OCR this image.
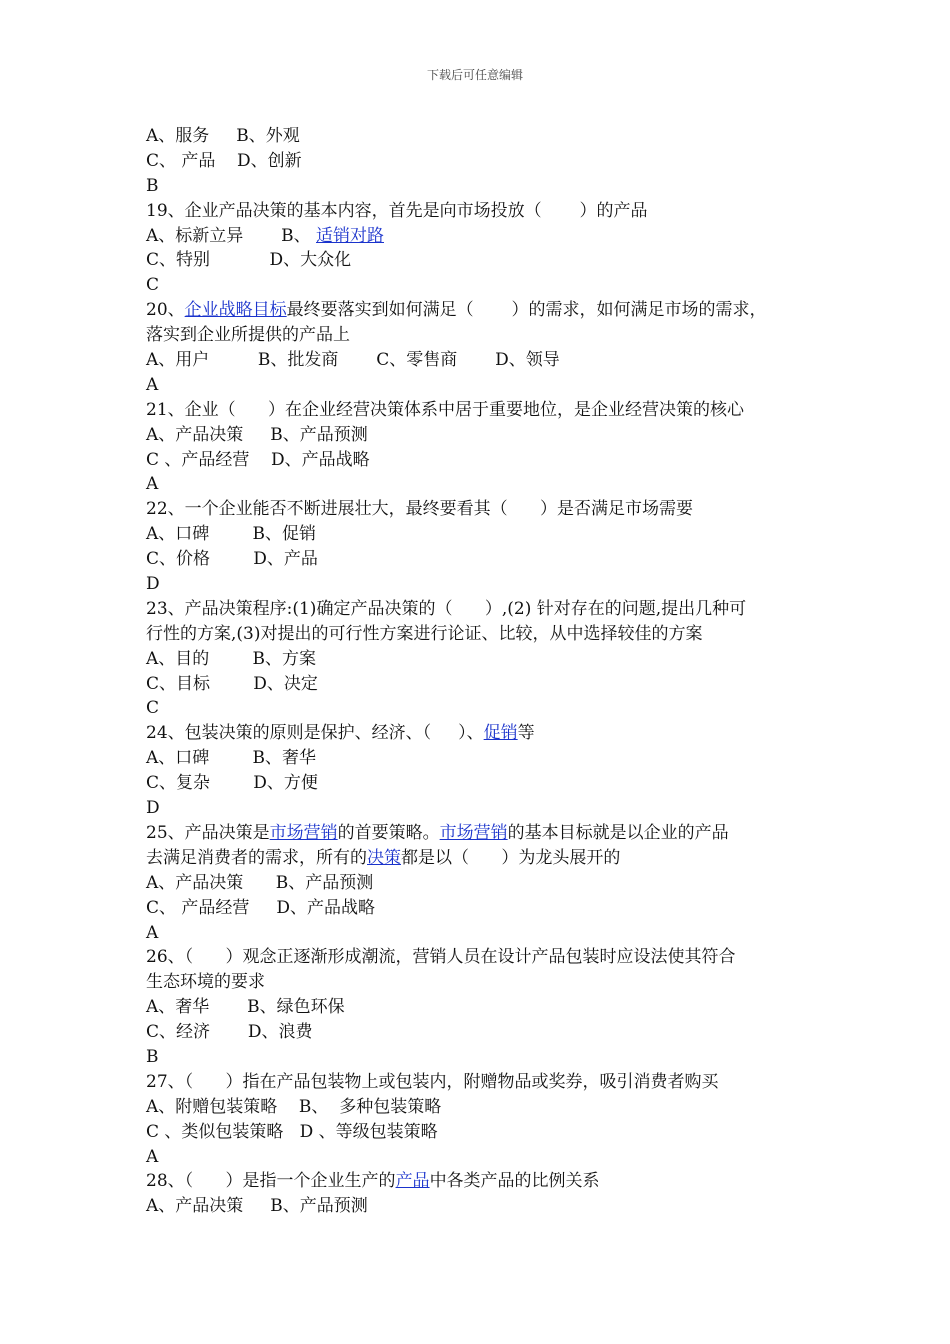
下载后可任意编辑
A、服务     B、外观
C、 产品    D、创新
B
19、企业产品决策的基本内容，首先是向市场投放（       ）的产品
A、标新立异       B、 适销对路
C、特别           D、大众化
C
20、企业战略目标最终要落实到如何满足（       ）的需求，如何满足市场的需求，
落实到企业所提供的产品上
A、用户         B、批发商       C、零售商       D、领导
A
21、企业（      ）在企业经营决策体系中居于重要地位，是企业经营决策的核心
A、产品决策     B、产品预测
C 、产品经营    D、产品战略
A
22、一个企业能否不断进展壮大，最终要看其（      ）是否满足市场需要
A、口碑        B、促销
C、价格        D、产品
D
23、产品决策程序:(1)确定产品决策的（      ）,(2) 针对存在的问题,提出几种可
行性的方案,(3)对提出的可行性方案进行论证、比较，从中选择较佳的方案
A、目的        B、方案
C、目标        D、决定
C
24、包装决策的原则是保护、经济、（     ）、促销等
A、口碑        B、奢华
C、复杂        D、方便
D
25、产品决策是市场营销的首要策略。市场营销的基本目标就是以企业的产品
去满足消费者的需求，所有的决策都是以（      ）为龙头展开的
A、产品决策      B、产品预测
C、 产品经营     D、产品战略
A
26、（      ）观念正逐渐形成潮流，营销人员在设计产品包装时应设法使其符合
生态环境的要求
A、奢华       B、绿色环保
C、经济       D、浪费
B
27、（      ）指在产品包装物上或包装内，附赠物品或奖券，吸引消费者购买
A、附赠包装策略    B、  多种包装策略
C 、类似包装策略   D 、等级包装策略
A
28、（      ）是指一个企业生产的产品中各类产品的比例关系
A、产品决策     B、产品预测
